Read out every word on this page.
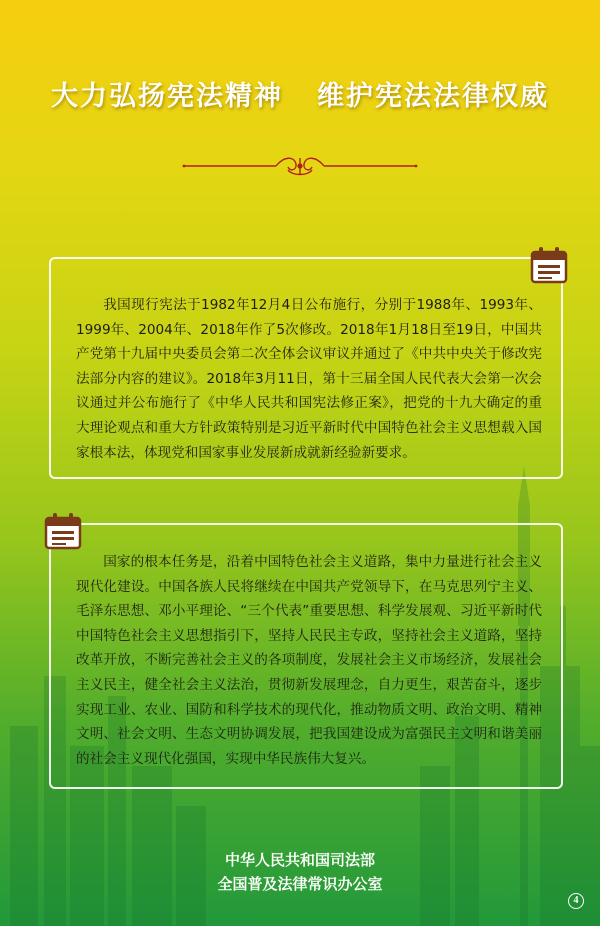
大力弘扬宪法精神 维护宪法法律权威

我国现行宪法于1982年12月4日公布施行，分别于1988年、1993年、1999年、2004年、2018年作了5次修改。2018年1月18日至19日，中国共产党第十九届中央委员会第二次全体会议审议并通过了《中共中央关于修改宪法部分内容的建议》。2018年3月11日，第十三届全国人民代表大会第一次会议通过并公布施行了《中华人民共和国宪法修正案》，把党的十九大确定的重大理论观点和重大方针政策特别是习近平新时代中国特色社会主义思想载入国家根本法，体现党和国家事业发展新成就新经验新要求。

国家的根本任务是，沿着中国特色社会主义道路，集中力量进行社会主义现代化建设。中国各族人民将继续在中国共产党领导下，在马克思列宁主义、毛泽东思想、邓小平理论、“三个代表”重要思想、科学发展观、习近平新时代中国特色社会主义思想指引下，坚持人民民主专政，坚持社会主义道路，坚持改革开放，不断完善社会主义的各项制度，发展社会主义市场经济，发展社会主义民主，健全社会主义法治，贯彻新发展理念，自力更生，艰苦奋斗，逐步实现工业、农业、国防和科学技术的现代化，推动物质文明、政治文明、精神文明、社会文明、生态文明协调发展，把我国建设成为富强民主文明和谐美丽的社会主义现代化强国，实现中华民族伟大复兴。

中华人民共和国司法部
全国普及法律常识办公室
4
